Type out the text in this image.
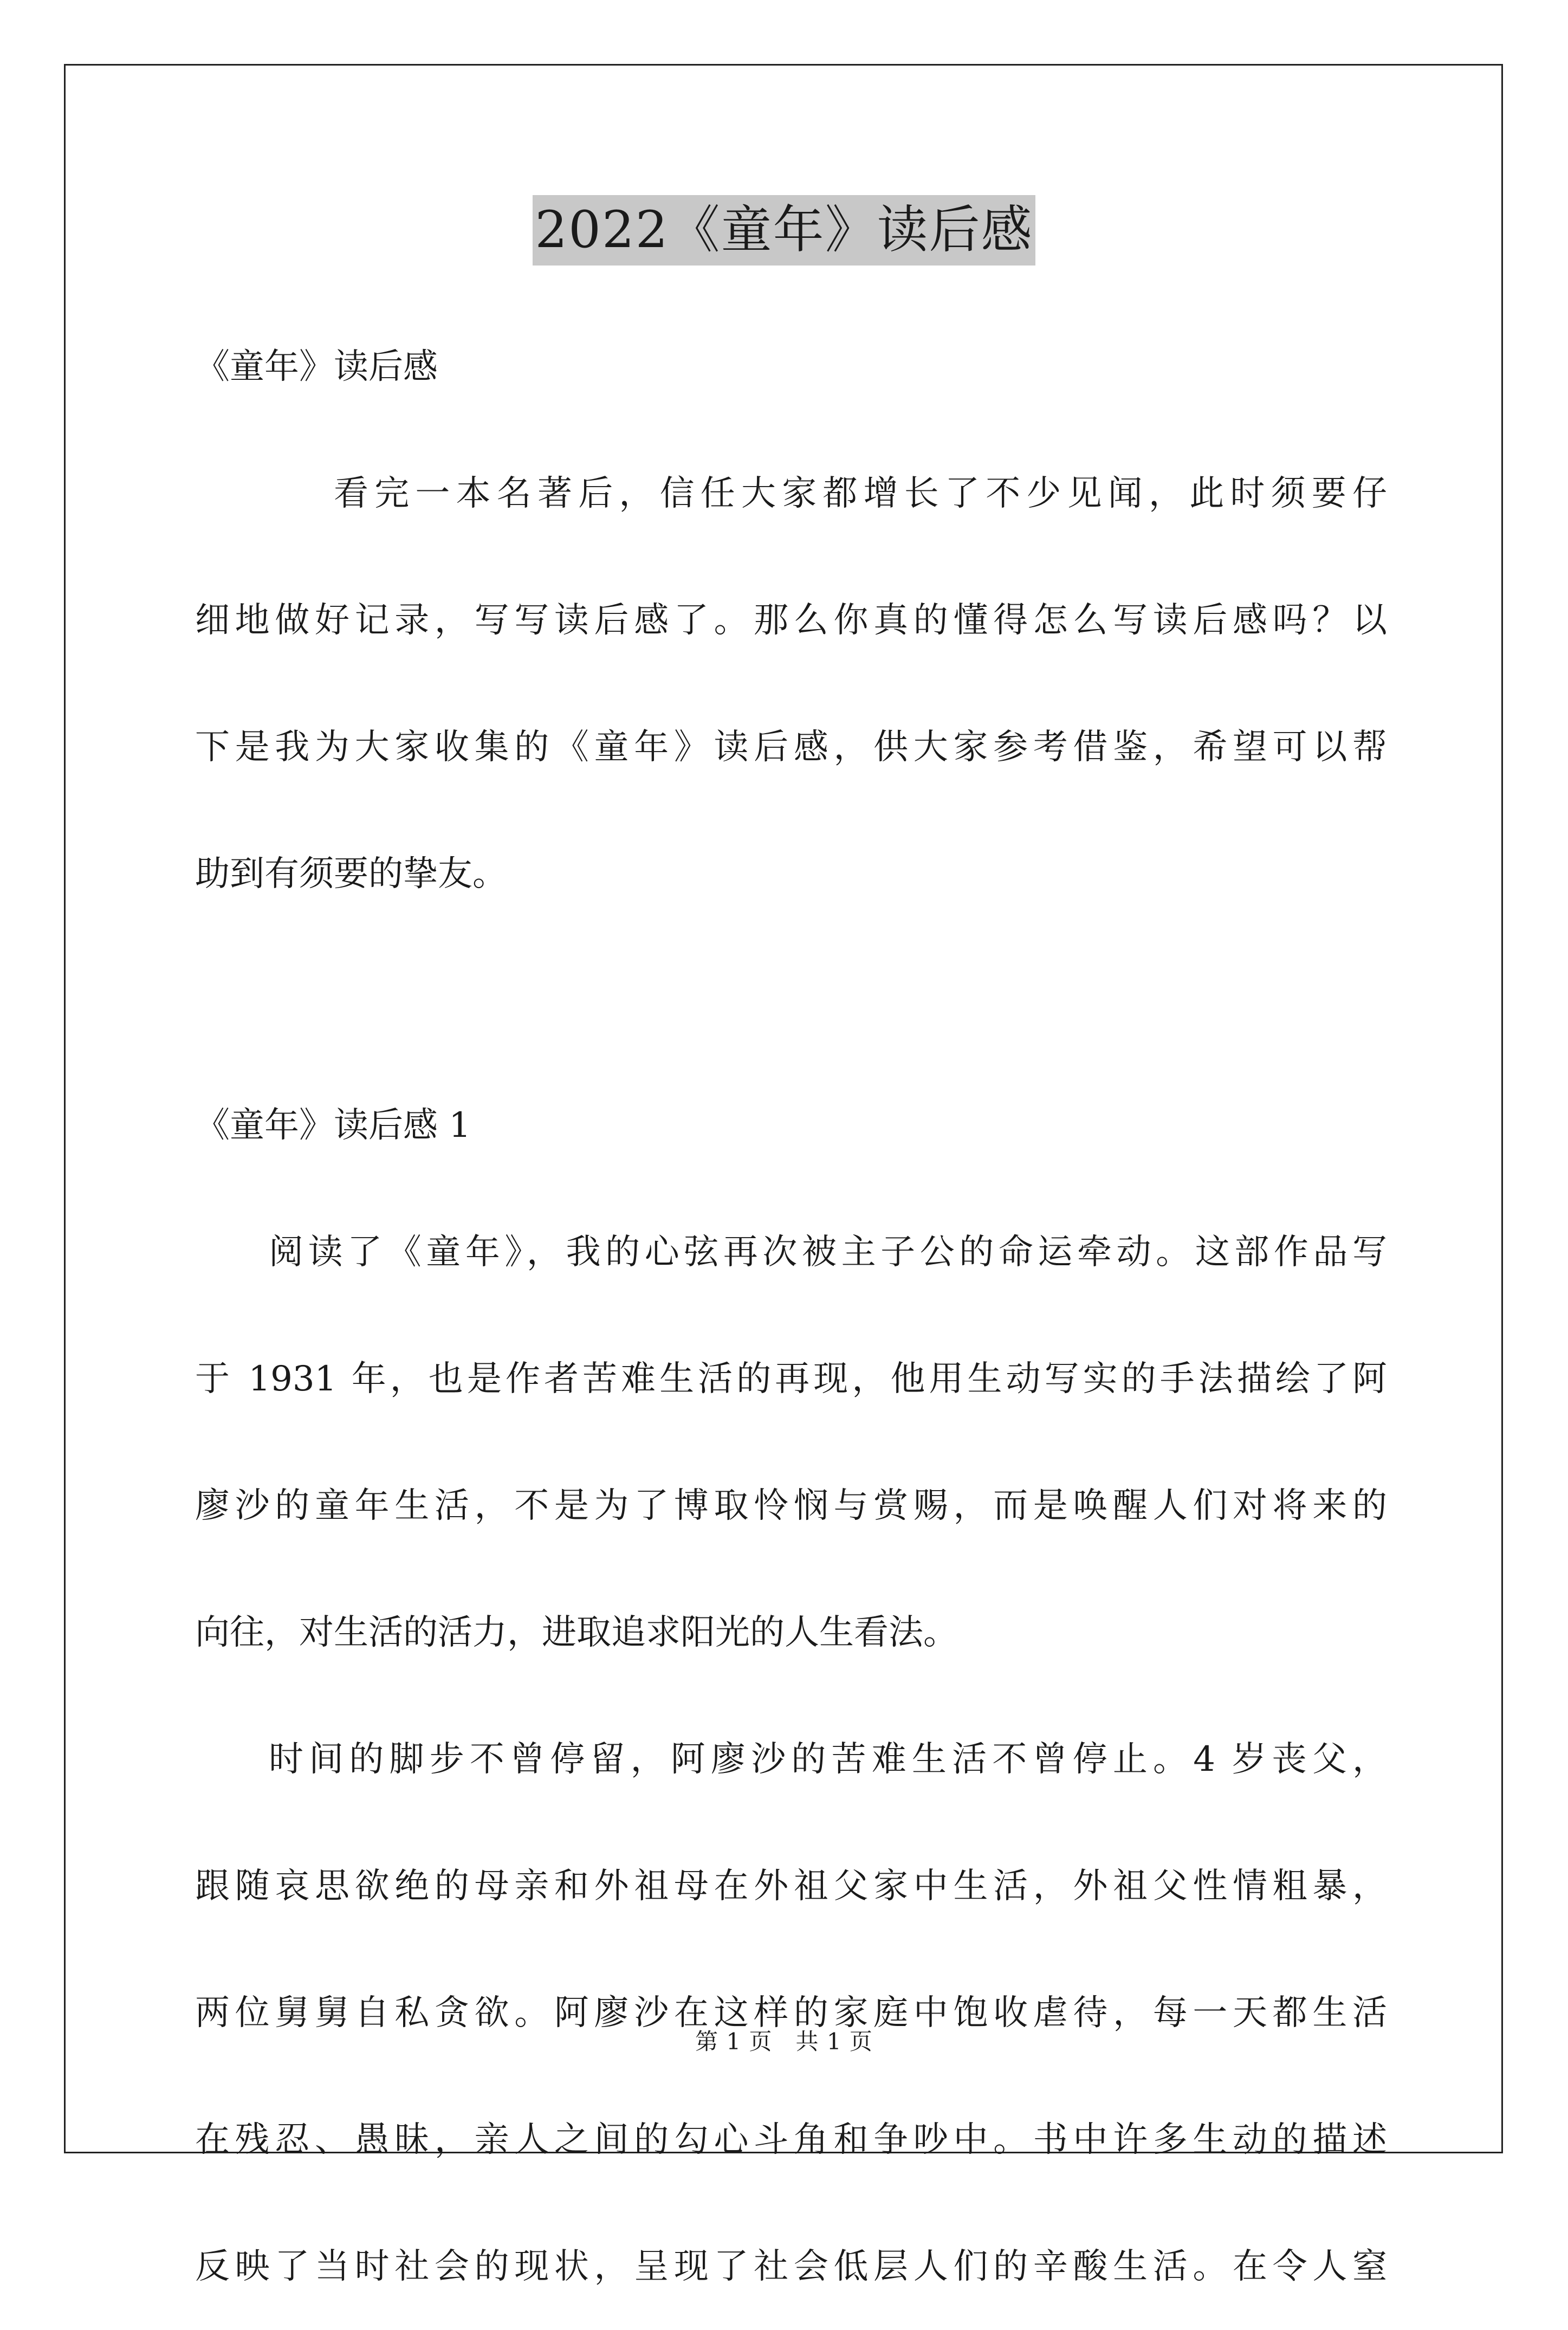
2022《童年》读后感
《童年》读后感
看完一本名著后，信任大家都增长了不少见闻，此时须要仔
细地做好记录，写写读后感了。那么你真的懂得怎么写读后感吗？以
下是我为大家收集的《童年》读后感，供大家参考借鉴，希望可以帮
助到有须要的挚友。
《童年》读后感 1
阅读了《童年》，我的心弦再次被主子公的命运牵动。这部作品写
于 1931 年，也是作者苦难生活的再现，他用生动写实的手法描绘了阿
廖沙的童年生活，不是为了博取怜悯与赏赐，而是唤醒人们对将来的
向往，对生活的活力，进取追求阳光的人生看法。
时间的脚步不曾停留，阿廖沙的苦难生活不曾停止。4 岁丧父，
跟随哀思欲绝的母亲和外祖母在外祖父家中生活，外祖父性情粗暴，
两位舅舅自私贪欲。阿廖沙在这样的家庭中饱收虐待，每一天都生活
在残忍、愚昧，亲人之间的勾心斗角和争吵中。书中许多生动的描述
反映了当时社会的现状，呈现了社会低层人们的辛酸生活。在令人窒
第 1 页　共 1 页
